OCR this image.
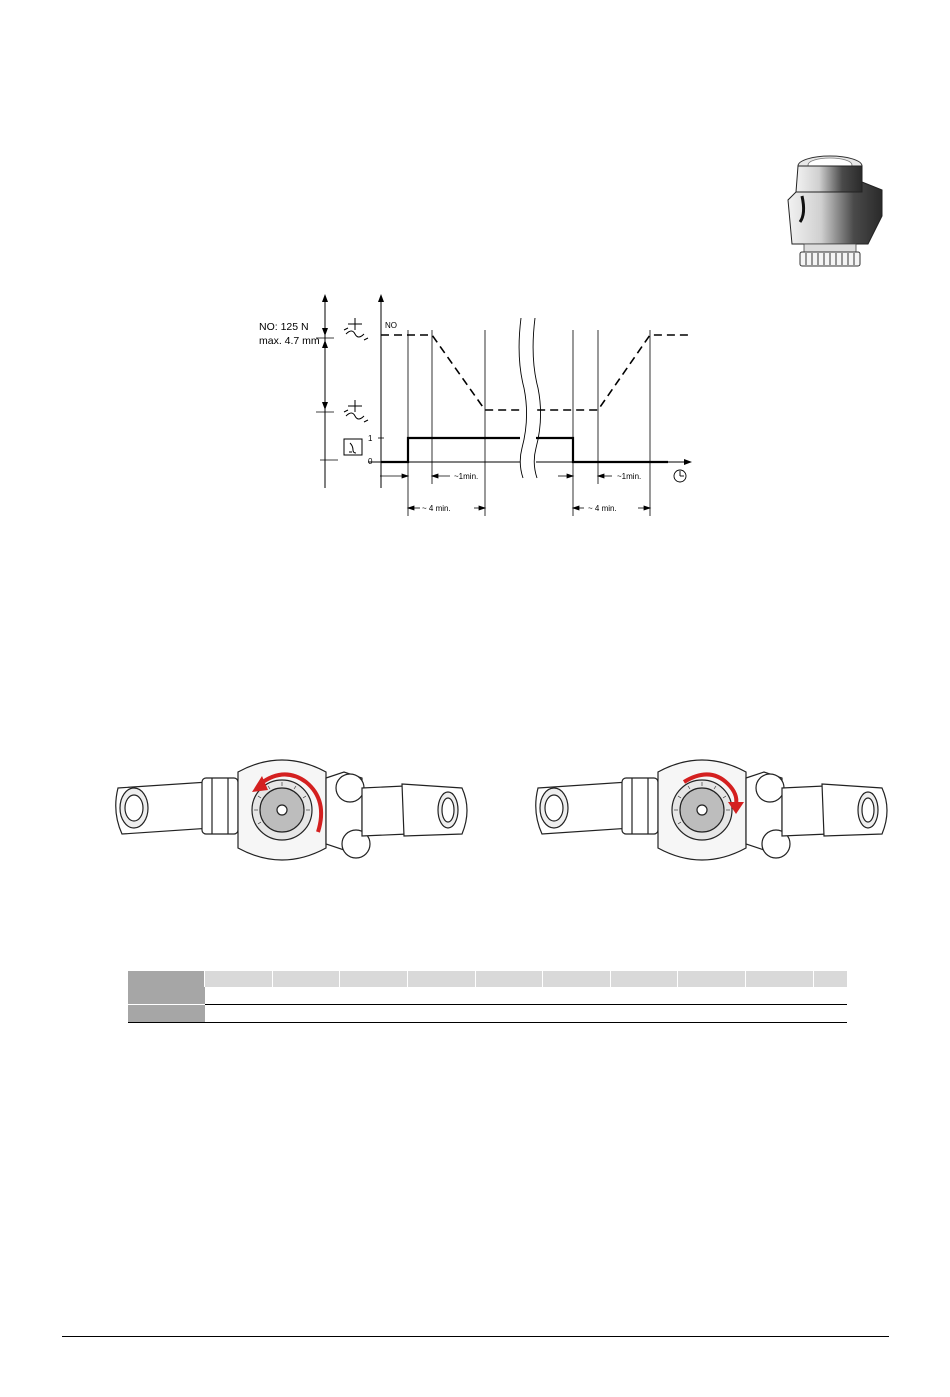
NO: 125 N
max. 4.7 mm
NO
1
0
~1min.	~1min.
~ 4 min.	~ 4 min.
